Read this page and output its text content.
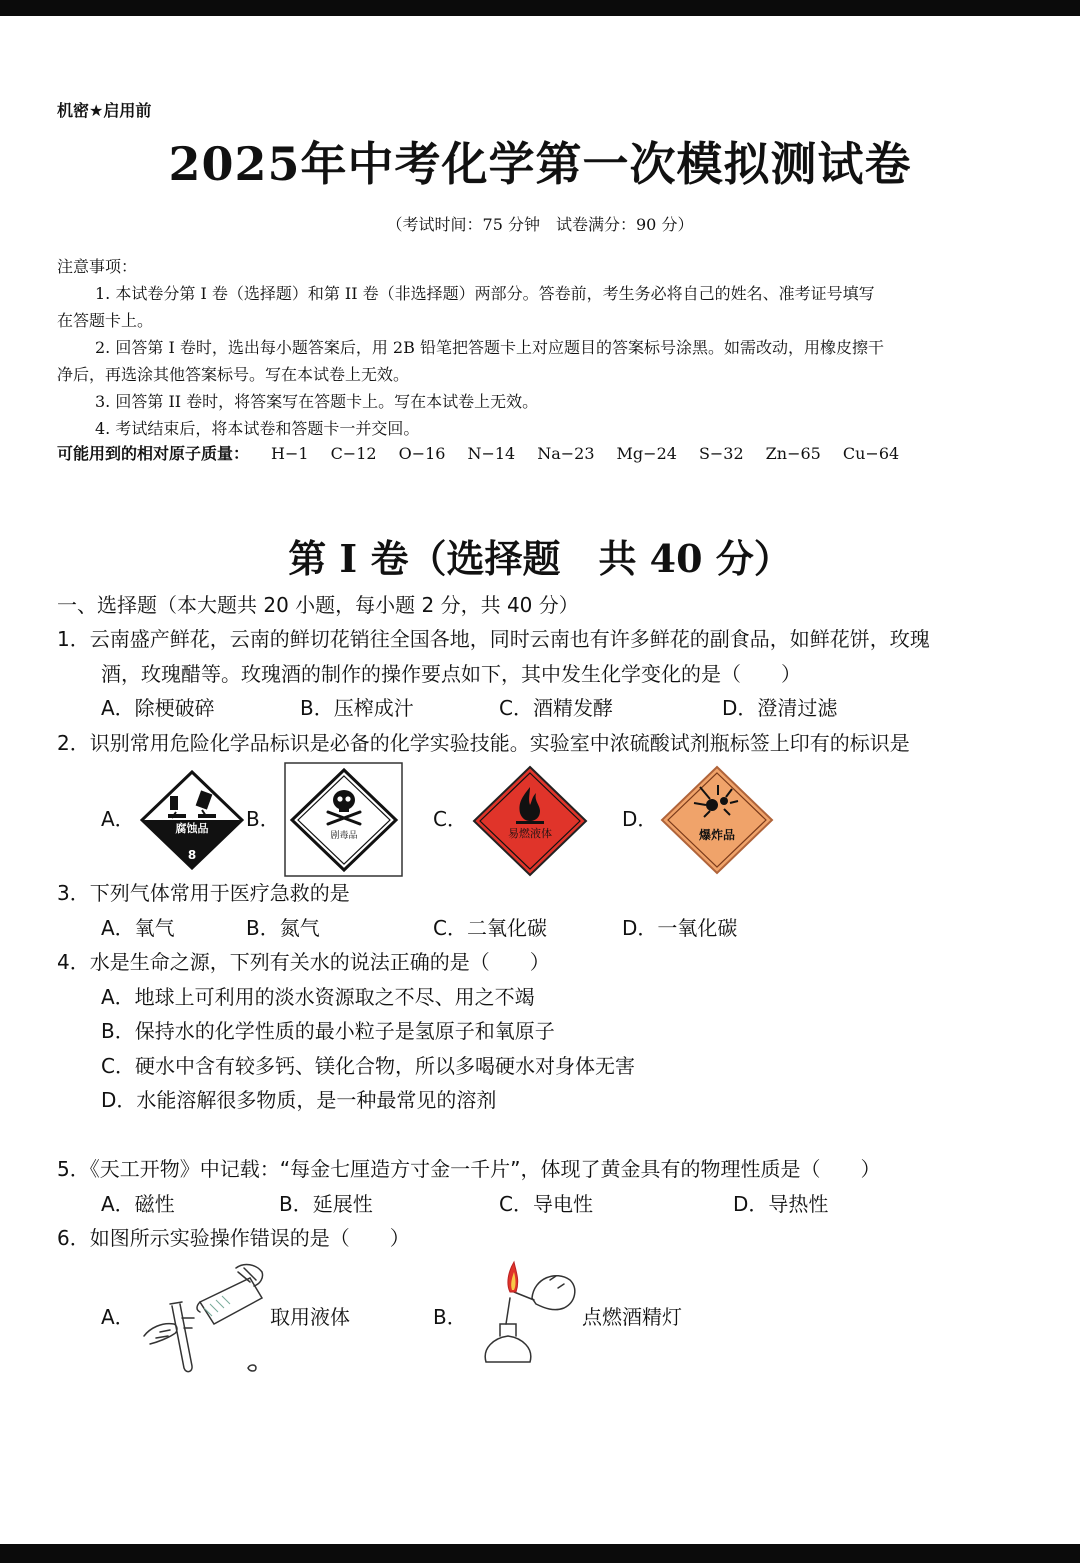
机密★启用前
2025年中考化学第一次模拟测试卷
（考试时间：75 分钟　试卷满分：90 分）
注意事项：
1. 本试卷分第 I 卷（选择题）和第 II 卷（非选择题）两部分。答卷前，考生务必将自己的姓名、准考证号填写
在答题卡上。
2. 回答第 I 卷时，选出每小题答案后，用 2B 铅笔把答题卡上对应题目的答案标号涂黑。如需改动，用橡皮擦干
净后，再选涂其他答案标号。写在本试卷上无效。
3. 回答第 II 卷时，将答案写在答题卡上。写在本试卷上无效。
4. 考试结束后，将本试卷和答题卡一并交回。
可能用到的相对原子质量： H−1 C−12 O−16 N−14 Na−23 Mg−24 S−32 Zn−65 Cu−64
第 I 卷（选择题　共 40 分）
一、选择题（本大题共 20 小题，每小题 2 分，共 40 分）
1．云南盛产鲜花，云南的鲜切花销往全国各地，同时云南也有许多鲜花的副食品，如鲜花饼，玫瑰
酒，玫瑰醋等。玫瑰酒的制作的操作要点如下，其中发生化学变化的是（　　）
A．除梗破碎	B．压榨成汁	C．酒精发酵	D．澄清过滤
2．识别常用危险化学品标识是必备的化学实验技能。实验室中浓硫酸试剂瓶标签上印有的标识是
A．	B．	C．	D．
腐蚀品
8
剧毒品	易燃液体	爆炸品
3．下列气体常用于医疗急救的是
A．氧气	B．氮气	C．二氧化碳	D．一氧化碳
4．水是生命之源，下列有关水的说法正确的是（　　）
A．地球上可利用的淡水资源取之不尽、用之不竭
B．保持水的化学性质的最小粒子是氢原子和氧原子
C．硬水中含有较多钙、镁化合物，所以多喝硬水对身体无害
D．水能溶解很多物质，是一种最常见的溶剂
5．《天工开物》中记载：“每金七厘造方寸金一千片”，体现了黄金具有的物理性质是（　　）
A．磁性	B．延展性	C．导电性	D．导热性
6．如图所示实验操作错误的是（　　）
A．	取用液体	B．	点燃酒精灯
